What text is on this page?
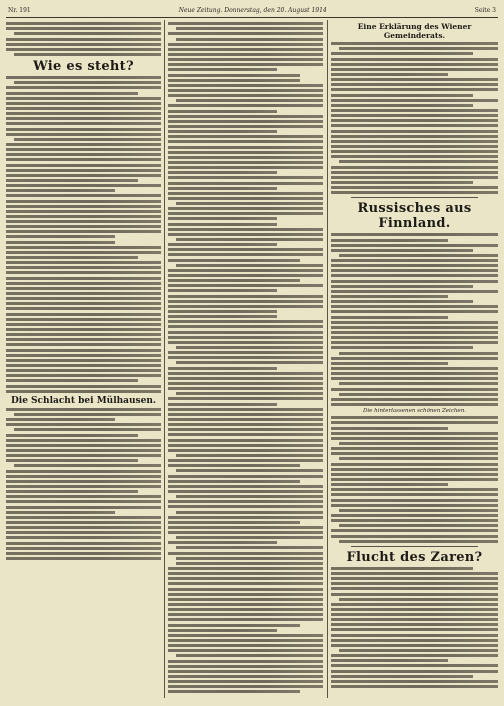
Nr. 191	Neue Zeitung. Donnerstag, den 20. August 1914	Seite 3
Wie es steht?
Die Schlacht bei Mülhausen.
Eine Erklärung des Wiener Gemeinderats.
Russisches aus Finnland.
Die hinterlassenen schönen Zeichen.
Flucht des Zaren?
